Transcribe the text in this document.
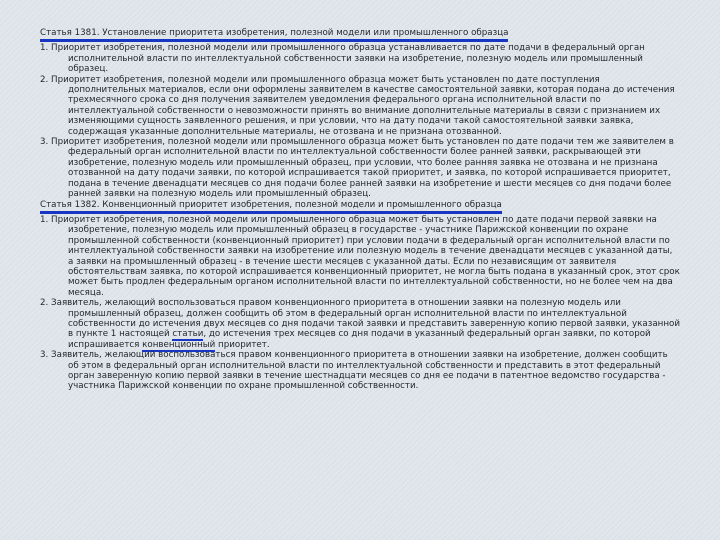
Статья 1381. Установление приоритета изобретения, полезной модели или промышленного образца

1. Приоритет изобретения, полезной модели или промышленного образца устанавливается по дате подачи в федеральный орган исполнительной власти по интеллектуальной собственности заявки на изобретение, полезную модель или промышленный образец.

2. Приоритет изобретения, полезной модели или промышленного образца может быть установлен по дате поступления дополнительных материалов, если они оформлены заявителем в качестве самостоятельной заявки, которая подана до истечения трехмесячного срока со дня получения заявителем уведомления федерального органа исполнительной власти по интеллектуальной собственности о невозможности принять во внимание дополнительные материалы в связи с признанием их изменяющими сущность заявленного решения, и при условии, что на дату подачи такой самостоятельной заявки заявка, содержащая указанные дополнительные материалы, не отозвана и не признана отозванной.

3. Приоритет изобретения, полезной модели или промышленного образца может быть установлен по дате подачи тем же заявителем в федеральный орган исполнительной власти по интеллектуальной собственности более ранней заявки, раскрывающей эти изобретение, полезную модель или промышленный образец, при условии, что более ранняя заявка не отозвана и не признана отозванной на дату подачи заявки, по которой испрашивается такой приоритет, и заявка, по которой испрашивается приоритет, подана в течение двенадцати месяцев со дня подачи более ранней заявки на изобретение и шести месяцев со дня подачи более ранней заявки на полезную модель или промышленный образец.

Статья 1382. Конвенционный приоритет изобретения, полезной модели и промышленного образца

1. Приоритет изобретения, полезной модели или промышленного образца может быть установлен по дате подачи первой заявки на изобретение, полезную модель или промышленный образец в государстве - участнике Парижской конвенции по охране промышленной собственности (конвенционный приоритет) при условии подачи в федеральный орган исполнительной власти по интеллектуальной собственности заявки на изобретение или полезную модель в течение двенадцати месяцев с указанной даты, а заявки на промышленный образец - в течение шести месяцев с указанной даты. Если по независящим от заявителя обстоятельствам заявка, по которой испрашивается конвенционный приоритет, не могла быть подана в указанный срок, этот срок может быть продлен федеральным органом исполнительной власти по интеллектуальной собственности, но не более чем на два месяца.

2. Заявитель, желающий воспользоваться правом конвенционного приоритета в отношении заявки на полезную модель или промышленный образец, должен сообщить об этом в федеральный орган исполнительной власти по интеллектуальной собственности до истечения двух месяцев со дня подачи такой заявки и представить заверенную копию первой заявки, указанной в пункте 1 настоящей статьи, до истечения трех месяцев со дня подачи в указанный федеральный орган заявки, по которой испрашивается конвенционный приоритет.

3. Заявитель, желающий воспользоваться правом конвенционного приоритета в отношении заявки на изобретение, должен сообщить об этом в федеральный орган исполнительной власти по интеллектуальной собственности и представить в этот федеральный орган заверенную копию первой заявки в течение шестнадцати месяцев со дня ее подачи в патентное ведомство государства - участника Парижской конвенции по охране промышленной собственности.
